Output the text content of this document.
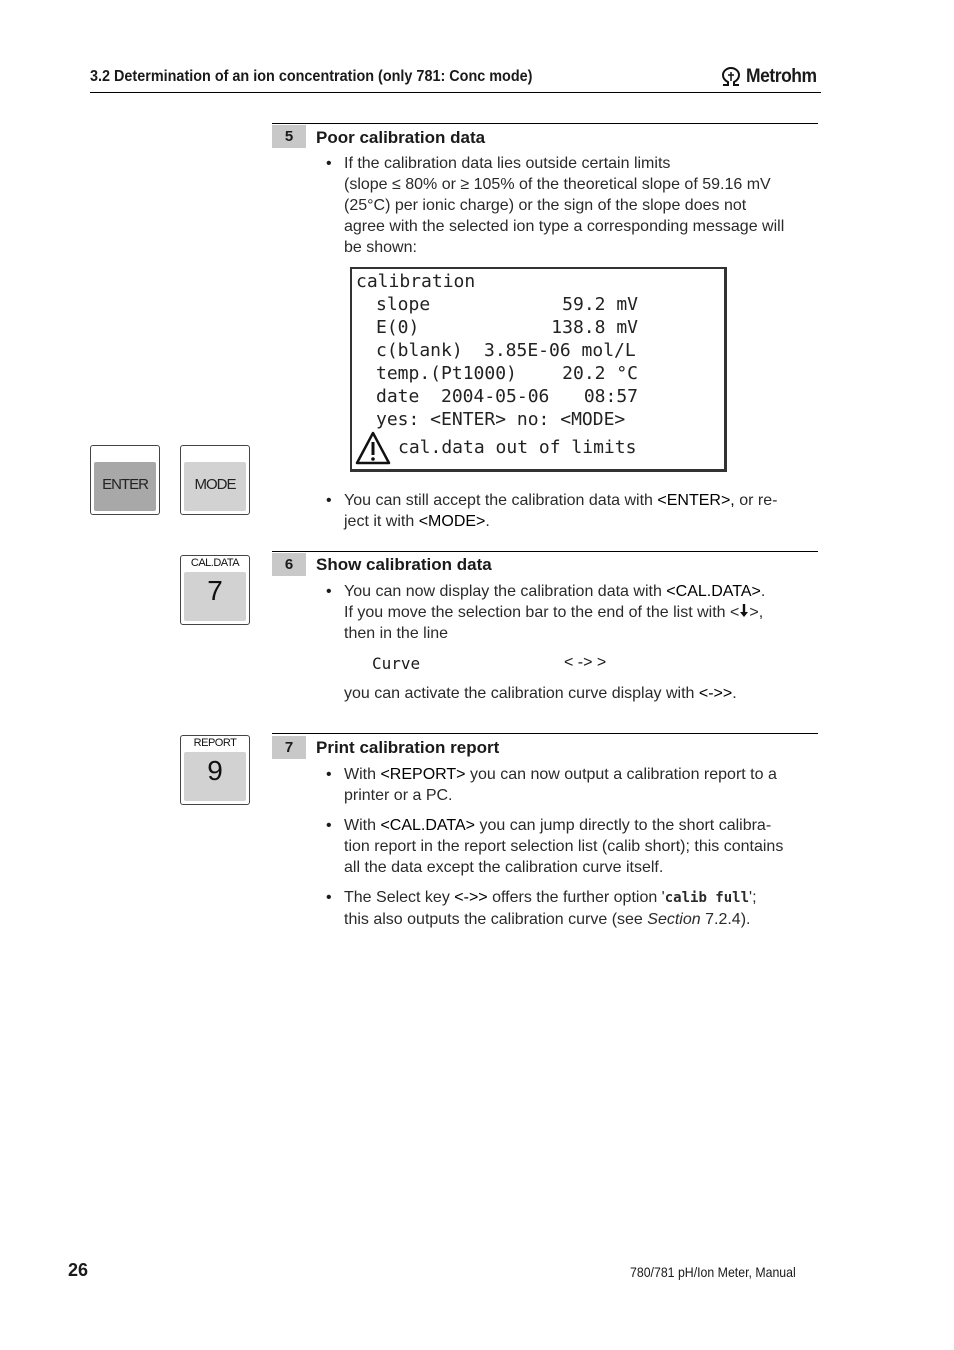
3.2 Determination of an ion concentration (only 781: Conc mode)	Metrohm
5	Poor calibration data
• If the calibration data lies outside certain limits
(slope ≤ 80% or ≥ 105% of the theoretical slope of 59.16 mV
(25°C) per ionic charge) or the sign of the slope does not
agree with the selected ion type a corresponding message will
be shown:
calibration
slope	59.2 mV
E(0)	138.8 mV
c(blank) 3.85E-06 mol/L
temp.(Pt1000)	20.2 °C
date 2004-05-06 08:57
yes: <ENTER> no: <MODE>
cal.data out of limits
ENTER	MODE
• You can still accept the calibration data with <ENTER>, or re-
ject it with <MODE>.
6	Show calibration data
CAL.DATA
7	• You can now display the calibration data with <CAL.DATA>.
If you move the selection bar to the end of the list with < >,
then in the line
Curve	< -> >
you can activate the calibration curve display with <->>.
7	Print calibration report
REPORT
9	• With <REPORT> you can now output a calibration report to a
printer or a PC.
• With <CAL.DATA> you can jump directly to the short calibra-
tion report in the report selection list (calib short); this contains
all the data except the calibration curve itself.
• The Select key <->> offers the further option 'calib full';
this also outputs the calibration curve (see Section 7.2.4).
26	780/781 pH/Ion Meter, Manual
